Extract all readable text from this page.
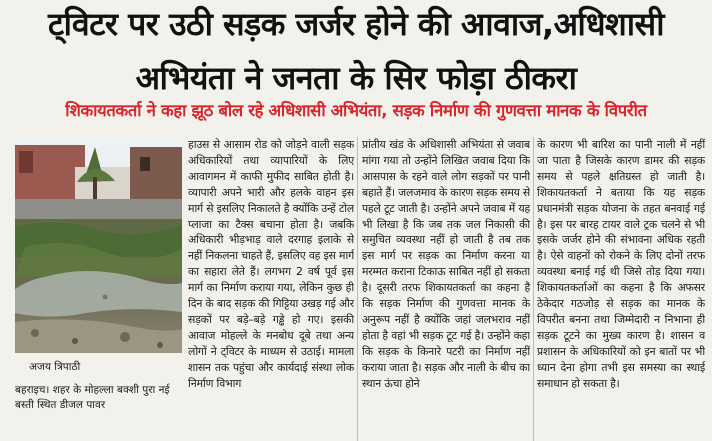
ट्विटर पर उठी सड़क जर्जर होने की आवाज,अधिशासी
अभियंता ने जनता के सिर फोड़ा ठीकरा
शिकायतकर्ता ने कहा झूठ बोल रहे अधिशासी अभियंता, सड़क निर्माण की गुणवत्ता मानक के विपरीत
अजय त्रिपाठी
बहराइच। शहर के मोहल्ला बक्शी पुरा नई बस्ती स्थित डीजल पावर
हाउस से आसाम रोड को जोड़ने वाली सड़क अधिकारियों तथा व्यापारियों के लिए आवागमन में काफी मुफीद साबित होती है। व्यापारी अपने भारी और हलके वाहन इस मार्ग से इसलिए निकालते है क्योंकि उन्हें टोल प्लाजा का टैक्स बचाना होता है। जबकि अधिकारी भीड़भाड़ वाले दरगाह इलाके से नहीं निकलना चाहते हैं, इसलिए वह इस मार्ग का सहारा लेते हैं। लगभग 2 वर्ष पूर्व इस मार्ग का निर्माण कराया गया, लेकिन कुछ ही दिन के बाद सड़क की गिट्टिया उखड़ गई और सड़कों पर बड़े–बड़े गड्ढे हो गए। इसकी आवाज मोहल्ले के मनबोध दूबे तथा अन्य लोगों ने ट्विटर के माध्यम से उठाई। मामला शासन तक पहुंचा और कार्यदाई संस्था लोक निर्माण विभाग
प्रांतीय खंड के अधिशासी अभियंता से जवाब मांगा गया तो उन्होंने लिखित जवाब दिया कि आसपास के रहने वाले लोग सड़कों पर पानी बहाते हैं। जलजमाव के कारण सड़क समय से पहले टूट जाती है। उन्होंने अपने जवाब में यह भी लिखा है कि जब तक जल निकासी की समुचित व्यवस्था नहीं हो जाती है तब तक इस मार्ग पर सड़क का निर्माण करना या मरम्मत कराना टिकाऊ साबित नहीं हो सकता है। दूसरी तरफ शिकायतकर्ता का कहना है कि सड़क निर्माण की गुणवत्ता मानक के अनुरूप नहीं है क्योंकि जहां जलभराव नहीं होता है वहां भी सड़क टूट गई है। उन्होंने कहा कि सड़क के किनारे पटरी का निर्माण नहीं कराया जाता है। सड़क और नाली के बीच का स्थान ऊंचा होने
के कारण भी बारिश का पानी नाली में नहीं जा पाता है जिसके कारण डामर की सड़क समय से पहले क्षतिग्रस्त हो जाती है। शिकायतकर्ता ने बताया कि यह सड़क प्रधानमंत्री सड़क योजना के तहत बनवाई गई है। इस पर बारह टायर वाले ट्रक चलने से भी इसके जर्जर होने की संभावना अधिक रहती है। ऐसे वाहनों को रोकने के लिए दोनों तरफ व्यवस्था बनाई गई थी जिसे तोड़ दिया गया। शिकायतकर्ताओं का कहना है कि अफसर ठेकेदार गठजोड़ से सड़क का मानक के विपरीत बनना तथा जिम्मेदारी न निभाना ही सड़क टूटने का मुख्य कारण है। शासन व प्रशासन के अधिकारियों को इन बातों पर भी ध्यान देना होगा तभी इस समस्या का स्थाई समाधान हो सकता है।
